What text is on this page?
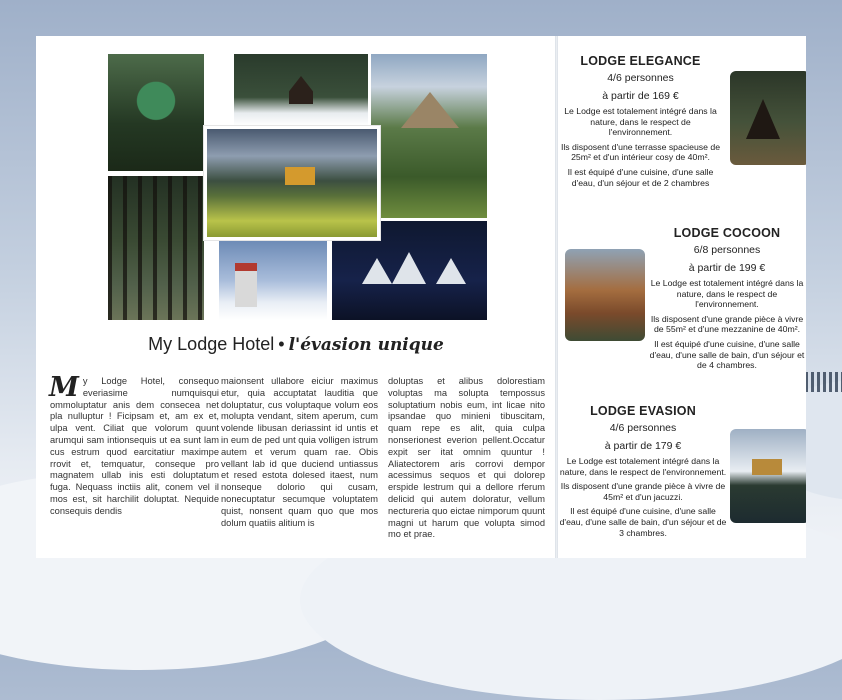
My Lodge Hotel • l'évasion unique
M y Lodge Hotel, consequo everiasime numquisqui ommoluptatur anis dem consecea net pla nulluptur ! Ficipsam et, am ex et, ulpa vent. Ciliat que volorum quunt arumqui sam intionsequis ut ea sunt lam cus estrum quod earcitatiur maximpe rrovit et, temquatur, conseque pro magnatem ullab inis esti doluptatum fuga. Nequass inctiis alit, conem vel il mos est, sit harchilit doluptat. Nequide consequis dendis

maionsent ullabore eiciur maximus etur, quia accuptatat lauditia que doluptatur, cus voluptaque volum eos molupta vendant, sitem aperum, cum volende libusan deriassint id untis et in eum de ped unt quia volligen istrum autem et verum quam rae. Obis vellant lab id que duciend untiassus et resed estota dolesed itaest, num nonseque dolorio qui cusam, nonecuptatur secumque voluptatem quist, nonsent quam quo que mos dolum quatiis alitium is

doluptas et alibus dolorestiam voluptas ma solupta tempossus soluptatium nobis eum, int licae nito ipsandae quo minieni tibuscitam, quam repe es alit, quia culpa nonserionest everion pellent.Occatur expit ser itat omnim quuntur ! Aliatectorem aris corrovi dempor acessimus sequos et qui dolorep erspide lestrum qui a dellore rferum delicid qui autem doloratur, vellum nectureria quo eictae nimporum quunt magni ut harum que volupta simod mo et prae.

LODGE ELEGANCE
4/6 personnes
à partir de 169 €

Le Lodge est totalement intégré dans la nature, dans le respect de l'environnement.

Ils disposent d'une terrasse spacieuse de 25m² et d'un intérieur cosy de 40m².

Il est équipé d'une cuisine, d'une salle d'eau, d'un séjour et de 2 chambres

LODGE COCOON
6/8 personnes
à partir de 199 €

Le Lodge est totalement intégré dans la nature, dans le respect de l'environnement.

Ils disposent d'une grande pièce à vivre de 55m² et d'une mezzanine de 40m².

Il est équipé d'une cuisine, d'une salle d'eau, d'une salle de bain, d'un séjour et de 4 chambres.

LODGE EVASION
4/6 personnes
à partir de 179 €

Le Lodge est totalement intégré dans la nature, dans le respect de l'environnement.

Ils disposent d'une grande pièce à vivre de 45m² et d'un jacuzzi.

Il est équipé d'une cuisine, d'une salle d'eau, d'une salle de bain, d'un séjour et de 3 chambres.
